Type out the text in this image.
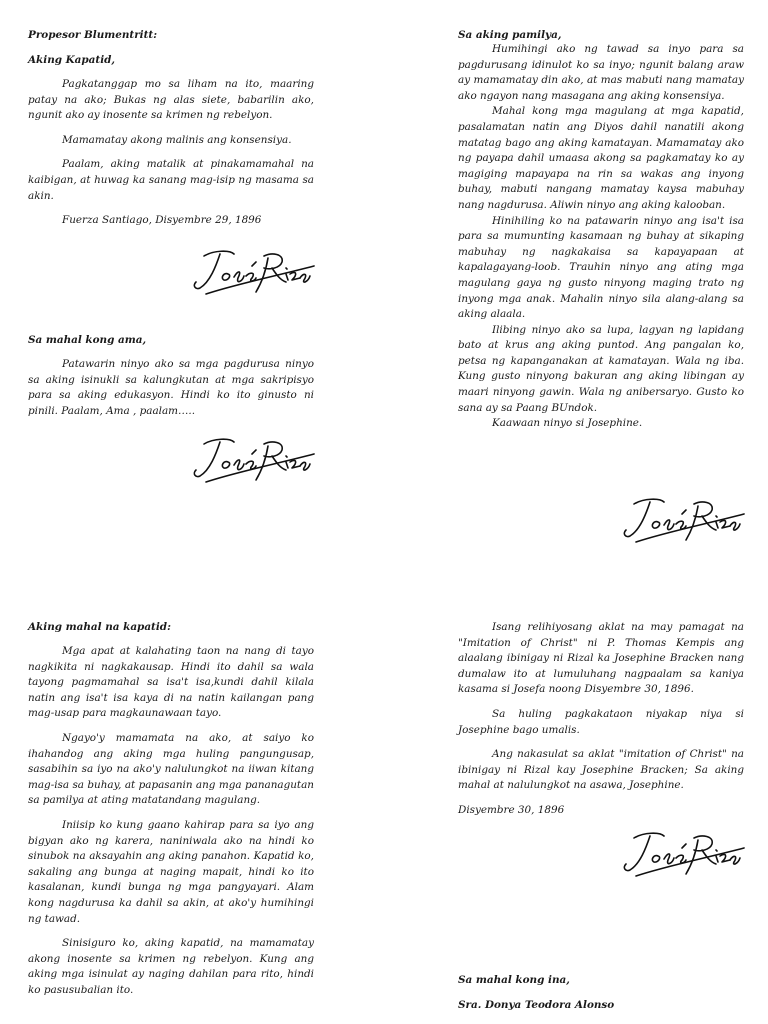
Propesor Blumentritt:

Aking Kapatid,

Pagkatanggap mo sa liham na ito, maaring patay na ako; Bukas ng alas siete, babarilin ako, ngunit ako ay inosente sa krimen ng rebelyon.

Mamamatay akong malinis ang konsensiya.

Paalam, aking matalik at pinakamamahal na kaibigan, at huwag ka sanang mag-isip ng masama sa akin.

Fuerza Santiago, Disyembre 29, 1896

Sa mahal kong ama,

Patawarin ninyo ako sa mga pagdurusa ninyo sa aking isinukli sa kalungkutan at mga sakripisyo para sa aking edukasyon. Hindi ko ito ginusto ni pinili. Paalam, Ama , paalam…..

Sa aking pamilya,

Humihingi ako ng tawad sa inyo para sa pagdurusang idinulot ko sa inyo; ngunit balang araw ay mamamatay din ako, at mas mabuti nang mamatay ako ngayon nang masagana ang aking konsensiya.

Mahal kong mga magulang at mga kapatid, pasalamatan natin ang Diyos dahil nanatili akong matatag bago ang aking kamatayan. Mamamatay ako ng payapa dahil umaasa akong sa pagkamatay ko ay magiging mapayapa na rin sa wakas ang inyong buhay, mabuti nangang mamatay kaysa mabuhay nang nagdurusa. Aliwin ninyo ang aking kalooban.

Hinihiling ko na patawarin ninyo ang isa't isa para sa mumunting kasamaan ng buhay at sikaping mabuhay ng nagkakaisa sa kapayapaan at kapalagayang-loob. Trauhin ninyo ang ating mga magulang gaya ng gusto ninyong maging trato ng inyong mga anak. Mahalin ninyo sila alang-alang sa aking alaala.

Ilibing ninyo ako sa lupa, lagyan ng lapidang bato at krus ang aking puntod. Ang pangalan ko, petsa ng kapanganakan at kamatayan. Wala ng iba. Kung gusto ninyong bakuran ang aking libingan ay maari ninyong gawin. Wala ng anibersaryo. Gusto ko sana ay sa Paang BUndok.

Kaawaan ninyo si Josephine.

Aking mahal na kapatid:

Mga apat at kalahating taon na nang di tayo nagkikita ni nagkakausap. Hindi ito dahil sa wala tayong pagmamahal sa isa't isa,kundi dahil kilala natin ang isa't isa kaya di na natin kailangan pang mag-usap para magkaunawaan tayo.

Ngayo'y mamamata na ako, at saiyo ko ihahandog ang aking mga huling pangungusap, sasabihin sa iyo na ako'y nalulungkot na iiwan kitang mag-isa sa buhay, at papasanin ang mga pananagutan sa pamilya at ating matatandang magulang.

Iniisip ko kung gaano kahirap para sa iyo ang bigyan ako ng karera, naniniwala ako na hindi ko sinubok na aksayahin ang aking panahon. Kapatid ko, sakaling ang bunga at naging mapait, hindi ko ito kasalanan, kundi bunga ng mga pangyayari. Alam kong nagdurusa ka dahil sa akin, at ako'y humihingi ng tawad.

Sinisiguro ko, aking kapatid, na mamamatay akong inosente sa krimen ng rebelyon. Kung ang aking mga isinulat ay naging dahilan para rito, hindi ko pasusubalian ito.

Isang relihiyosang aklat na may pamagat na "Imitation of Christ" ni P. Thomas Kempis ang alaalang ibinigay ni Rizal ka Josephine Bracken nang dumalaw ito at lumuluhang nagpaalam sa kaniya kasama si Josefa noong Disyembre 30, 1896.

Sa huling pagkakataon niyakap niya si Josephine bago umalis.

Ang nakasulat sa aklat "imitation of Christ" na ibinigay ni Rizal kay Josephine Bracken; Sa aking mahal at nalulungkot na asawa, Josephine.

Disyembre 30, 1896

Sa mahal kong ina,

Sra. Donya Teodora Alonso
